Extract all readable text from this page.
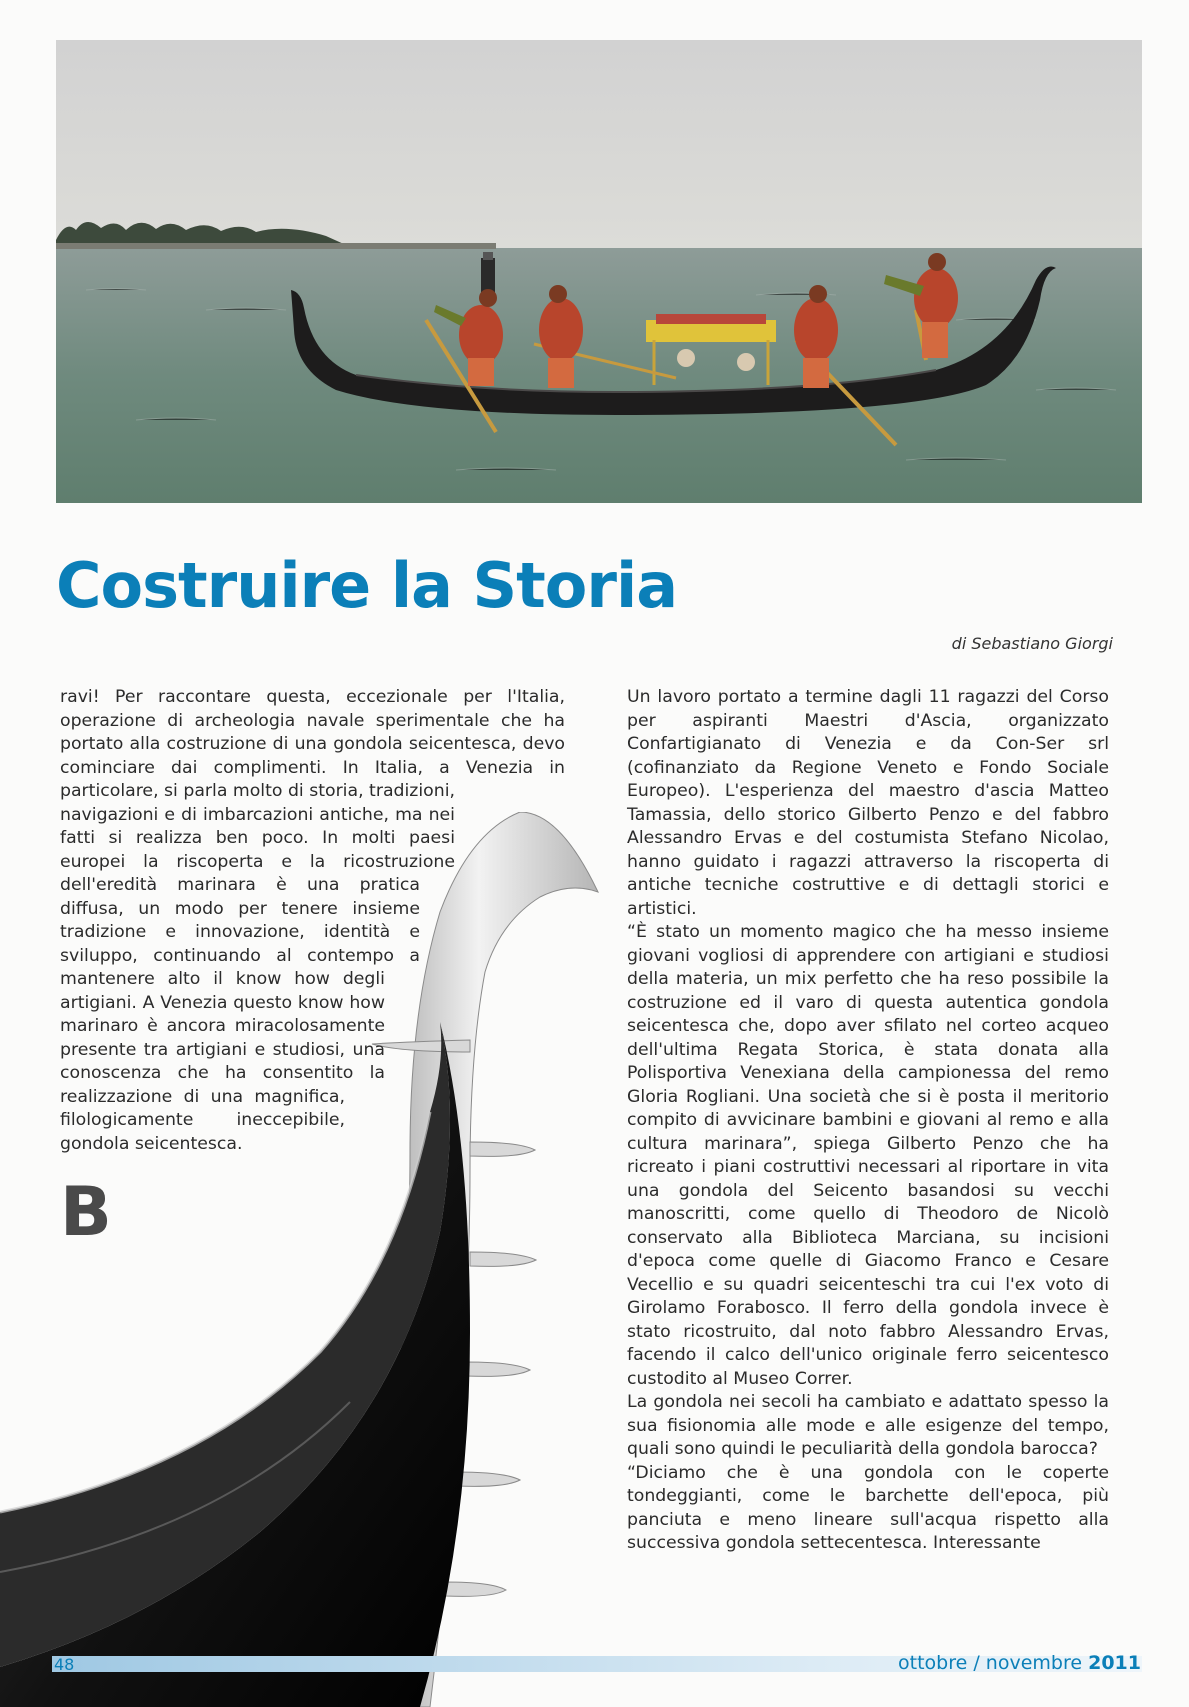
Costruire la Storia
di Sebastiano Giorgi

B
ravi! Per raccontare questa, eccezionale per l'Italia, operazione di archeologia navale sperimentale che ha portato alla costruzione di una gondola seicentesca, devo cominciare dai complimenti. In Italia, a Venezia in particolare, si parla molto di storia, tradizioni, navigazioni e di imbarcazioni antiche, ma nei fatti si realizza ben poco. In molti paesi europei la riscoperta e la ricostruzione dell'eredità marinara è una pratica diffusa, un modo per tenere insieme tradizione e innovazione, identità e sviluppo, continuando al contempo a mantenere alto il know how degli artigiani. A Venezia questo know how marinaro è ancora miracolosamente presente tra artigiani e studiosi, una conoscenza che ha consentito la realizzazione di una magnifica, filologicamente ineccepibile, gondola seicentesca.

Un lavoro portato a termine dagli 11 ragazzi del Corso per aspiranti Maestri d'Ascia, organizzato Confartigianato di Venezia e da Con-Ser srl (cofinanziato da Regione Veneto e Fondo Sociale Europeo). L'esperienza del maestro d'ascia Matteo Tamassia, dello storico Gilberto Penzo e del fabbro Alessandro Ervas e del costumista Stefano Nicolao, hanno guidato i ragazzi attraverso la riscoperta di antiche tecniche costruttive e di dettagli storici e artistici.

“È stato un momento magico che ha messo insieme giovani vogliosi di apprendere con artigiani e studiosi della materia, un mix perfetto che ha reso possibile la costruzione ed il varo di questa autentica gondola seicentesca che, dopo aver sfilato nel corteo acqueo dell'ultima Regata Storica, è stata donata alla Polisportiva Venexiana della campionessa del remo Gloria Rogliani. Una società che si è posta il meritorio compito di avvicinare bambini e giovani al remo e alla cultura marinara”, spiega Gilberto Penzo che ha ricreato i piani costruttivi necessari al riportare in vita una gondola del Seicento basandosi su vecchi manoscritti, come quello di Theodoro de Nicolò conservato alla Biblioteca Marciana, su incisioni d'epoca come quelle di Giacomo Franco e Cesare Vecellio e su quadri seicenteschi tra cui l'ex voto di Girolamo Forabosco. Il ferro della gondola invece è stato ricostruito, dal noto fabbro Alessandro Ervas, facendo il calco dell'unico originale ferro seicentesco custodito al Museo Correr.

La gondola nei secoli ha cambiato e adattato spesso la sua fisionomia alle mode e alle esigenze del tempo, quali sono quindi le peculiarità della gondola barocca?

“Diciamo che è una gondola con le coperte tondeggianti, come le barchette dell'epoca, più panciuta e meno lineare sull'acqua rispetto alla successiva gondola settecentesca. Interessante

48	ottobre / novembre 2011
